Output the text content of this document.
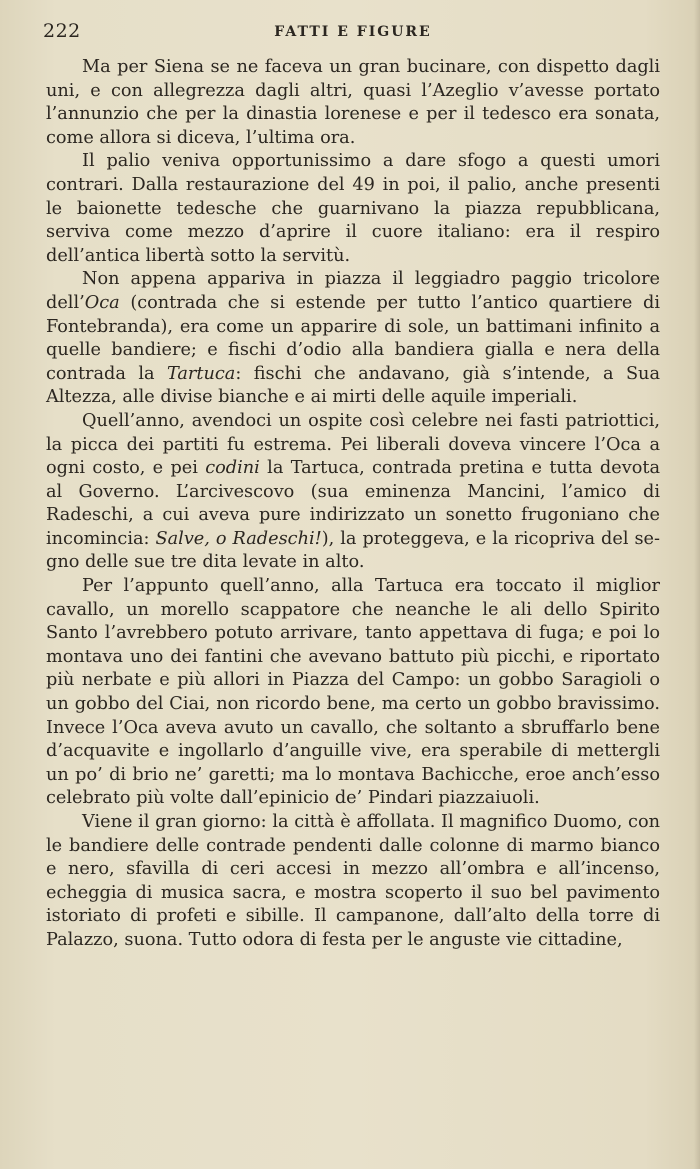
222	FATTI E FIGURE

Ma per Siena se ne faceva un gran bucinare, con dispetto dagli uni, e con allegrezza dagli altri, quasi l’Azeglio v’avesse portato l’annunzio che per la dinastia lorenese e per il tedesco era sonata, come allora si diceva, l’ultima ora.

Il palio veniva opportunissimo a dare sfogo a questi umori contrari. Dalla restaurazione del 49 in poi, il palio, anche presenti le baionette tedesche che guarnivano la piazza repubblicana, serviva come mezzo d’aprire il cuore italiano: era il respiro dell’antica libertà sotto la servitù.

Non appena appariva in piazza il leggiadro paggio tricolore dell’Oca (contrada che si estende per tutto l’antico quartiere di Fontebranda), era come un apparire di sole, un battimani infinito a quelle bandiere; e fischi d’odio alla bandiera gialla e nera della contrada la Tartuca: fischi che andavano, già s’intende, a Sua Altezza, alle divise bianche e ai mirti delle aquile imperiali.

Quell’anno, avendoci un ospite così celebre nei fasti patriottici, la picca dei partiti fu estrema. Pei liberali doveva vincere l’Oca a ogni costo, e pei codini la Tartuca, contrada pretina e tutta devota al Governo. L’arcivescovo (sua eminenza Mancini, l’amico di Radeschi, a cui aveva pure indirizzato un sonetto frugoniano che incomincia: Salve, o Radeschi!), la proteggeva, e la ricopriva del segno delle sue tre dita levate in alto.

Per l’appunto quell’anno, alla Tartuca era toccato il miglior cavallo, un morello scappatore che neanche le ali dello Spirito Santo l’avrebbero potuto arrivare, tanto appettava di fuga; e poi lo montava uno dei fantini che avevano battuto più picchi, e riportato più nerbate e più allori in Piazza del Campo: un gobbo Saragioli o un gobbo del Ciai, non ricordo bene, ma certo un gobbo bravissimo. Invece l’Oca aveva avuto un cavallo, che soltanto a sbruffarlo bene d’acquavite e ingollarlo d’anguille vive, era sperabile di mettergli un po’ di brio ne’ garetti; ma lo montava Bachicche, eroe anch’esso celebrato più volte dall’epinicio de’ Pindari piazzaiuoli.

Viene il gran giorno: la città è affollata. Il magnifico Duomo, con le bandiere delle contrade pendenti dalle colonne di marmo bianco e nero, sfavilla di ceri accesi in mezzo all’ombra e all’incenso, echeggia di musica sacra, e mostra scoperto il suo bel pavimento istoriato di profeti e sibille. Il campanone, dall’alto della torre di Palazzo, suona. Tutto odora di festa per le anguste vie cittadine,
